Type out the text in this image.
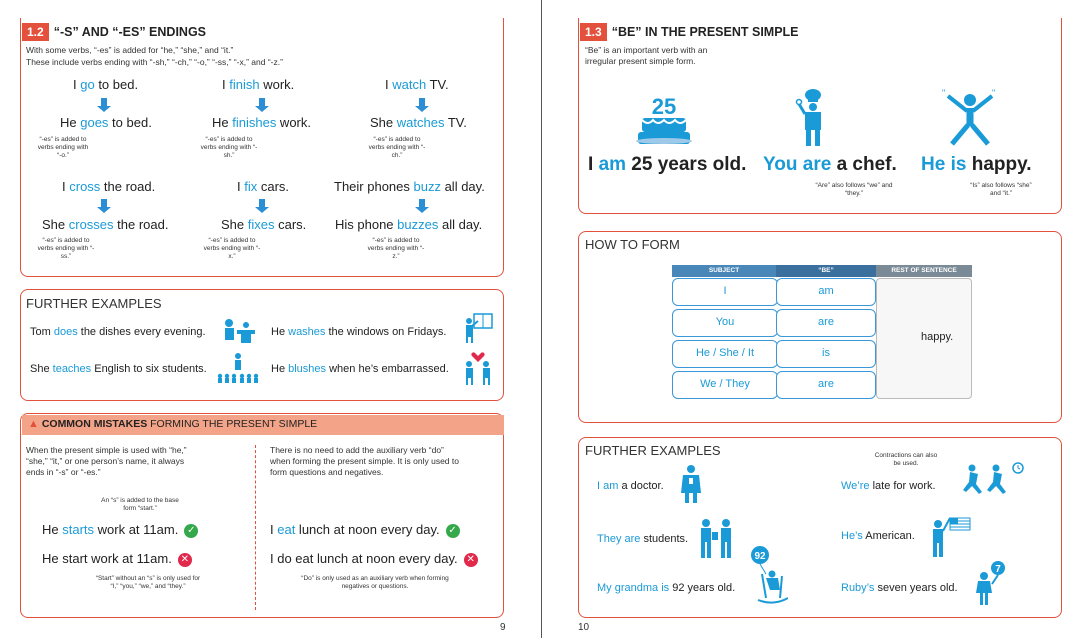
1.2 “-S” AND “-ES” ENDINGS
With some verbs, “-es” is added for “he,” “she,” and “it.”
These include verbs ending with “-sh,” “-ch,” “-o,” “-ss,” “-x,” and “-z.”
I go to bed.
He goes to bed.
“-es” is added to verbs ending with “-o.”
I finish work.
He finishes work.
“-es” is added to verbs ending with “-sh.”
I watch TV.
She watches TV.
“-es” is added to verbs ending with “-ch.”
I cross the road.
She crosses the road.
“-es” is added to verbs ending with “-ss.”
I fix cars.
She fixes cars.
“-es” is added to verbs ending with “-x.”
Their phones buzz all day.
His phone buzzes all day.
“-es” is added to verbs ending with “-z.”
FURTHER EXAMPLES
Tom does the dishes every evening.	He washes the windows on Fridays.
She teaches English to six students.	He blushes when he’s embarrassed.
▲ COMMON MISTAKES FORMING THE PRESENT SIMPLE
When the present simple is used with “he,” “she,” “it,” or one person’s name, it always ends in “-s” or “-es.”
An “s” is added to the base form “start.”
He starts work at 11am. ✓
He start work at 11am. ✕
“Start” without an “s” is only used for “I,” “you,” “we,” and “they.”
There is no need to add the auxiliary verb “do” when forming the present simple. It is only used to form questions and negatives.
I eat lunch at noon every day. ✓
I do eat lunch at noon every day. ✕
“Do” is only used as an auxiliary verb when forming negatives or questions.
9
1.3 “BE” IN THE PRESENT SIMPLE
“Be” is an important verb with an irregular present simple form.
25
"	"
I am 25 years old. You are a chef.
“Are” also follows “we” and “they.”
He is happy.
“Is” also follows “she” and “it.”
HOW TO FORM
SUBJECT	“BE”	REST OF SENTENCE
I	am
You	are
He / She / It	is
We / They	are
happy.
FURTHER EXAMPLES	Contractions can also be used.
I am a doctor.	We’re late for work.
They are students.	He’s American.
My grandma is 92 years old.
92
Ruby’s seven years old.
7
10
